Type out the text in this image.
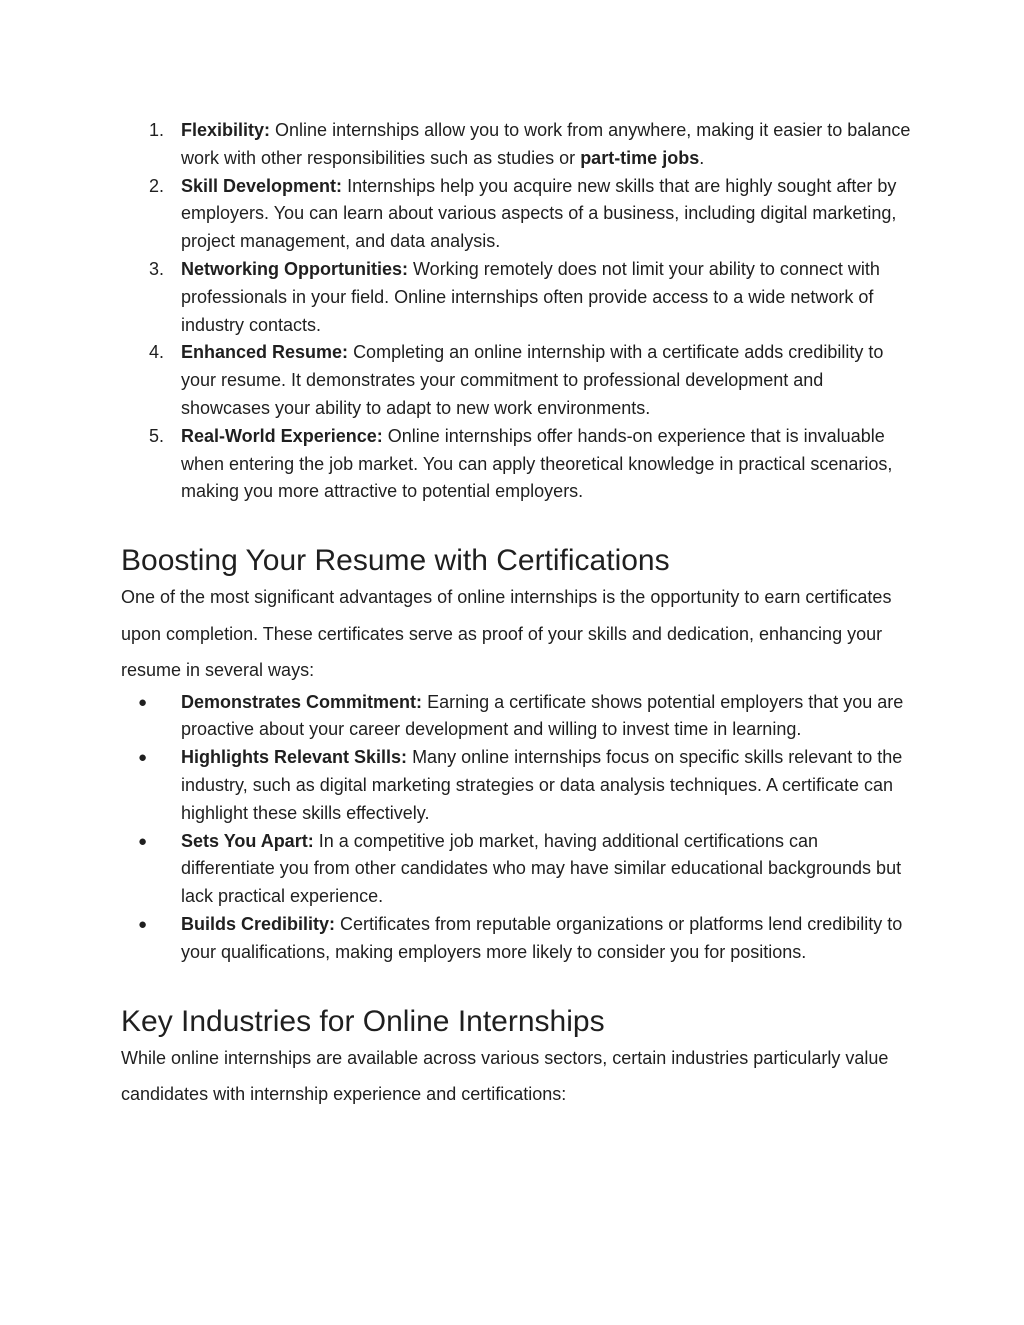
1. Flexibility: Online internships allow you to work from anywhere, making it easier to balance work with other responsibilities such as studies or part-time jobs.
2. Skill Development: Internships help you acquire new skills that are highly sought after by employers. You can learn about various aspects of a business, including digital marketing, project management, and data analysis.
3. Networking Opportunities: Working remotely does not limit your ability to connect with professionals in your field. Online internships often provide access to a wide network of industry contacts.
4. Enhanced Resume: Completing an online internship with a certificate adds credibility to your resume. It demonstrates your commitment to professional development and showcases your ability to adapt to new work environments.
5. Real-World Experience: Online internships offer hands-on experience that is invaluable when entering the job market. You can apply theoretical knowledge in practical scenarios, making you more attractive to potential employers.
Boosting Your Resume with Certifications

One of the most significant advantages of online internships is the opportunity to earn certificates upon completion. These certificates serve as proof of your skills and dedication, enhancing your resume in several ways:

● Demonstrates Commitment: Earning a certificate shows potential employers that you are proactive about your career development and willing to invest time in learning.
● Highlights Relevant Skills: Many online internships focus on specific skills relevant to the industry, such as digital marketing strategies or data analysis techniques. A certificate can highlight these skills effectively.
● Sets You Apart: In a competitive job market, having additional certifications can differentiate you from other candidates who may have similar educational backgrounds but lack practical experience.
● Builds Credibility: Certificates from reputable organizations or platforms lend credibility to your qualifications, making employers more likely to consider you for positions.
Key Industries for Online Internships

While online internships are available across various sectors, certain industries particularly value candidates with internship experience and certifications:
